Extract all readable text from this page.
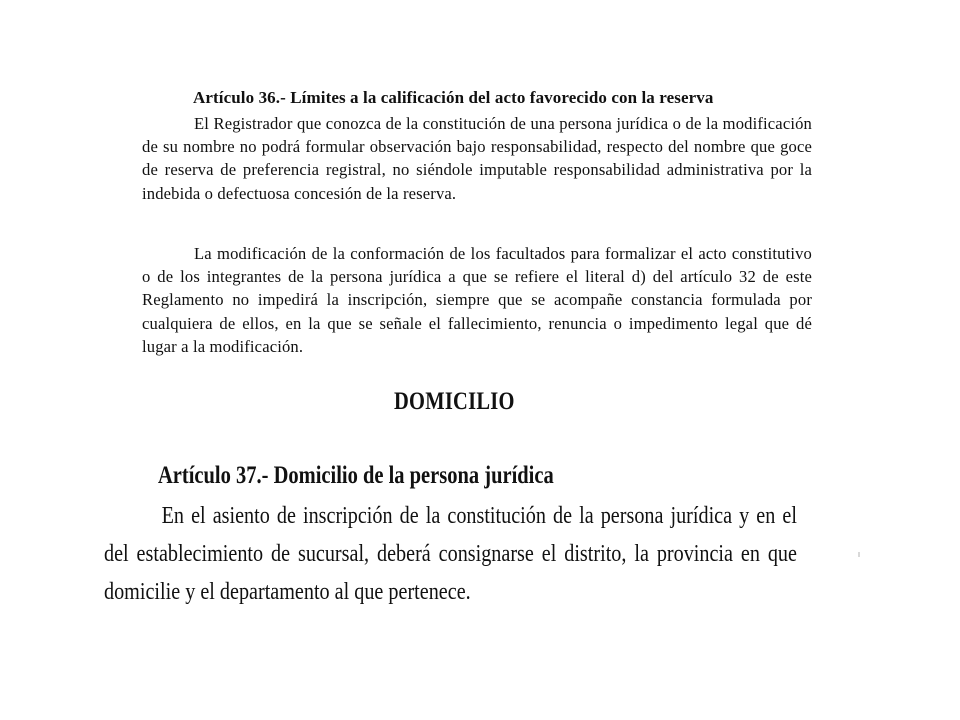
Artículo 36.- Límites a la calificación del acto favorecido con la reserva

El Registrador que conozca de la constitución de una persona jurídica o de la modificación de su nombre no podrá formular observación bajo responsabilidad, respecto del nombre que goce de reserva de preferencia registral, no siéndole imputable responsabilidad administrativa por la indebida o defectuosa concesión de la reserva.

La modificación de la conformación de los facultados para formalizar el acto constitutivo o de los integrantes de la persona jurídica a que se refiere el literal d) del artículo 32 de este Reglamento no impedirá la inscripción, siempre que se acompañe constancia formulada por cualquiera de ellos, en la que se señale el fallecimiento, renuncia o impedimento legal que dé lugar a la modificación.

DOMICILIO
Artículo 37.- Domicilio de la persona jurídica

En el asiento de inscripción de la constitución de la persona jurídica y en el del establecimiento de sucursal, deberá consignarse el distrito, la provincia en que domicilie y el departamento al que pertenece.
